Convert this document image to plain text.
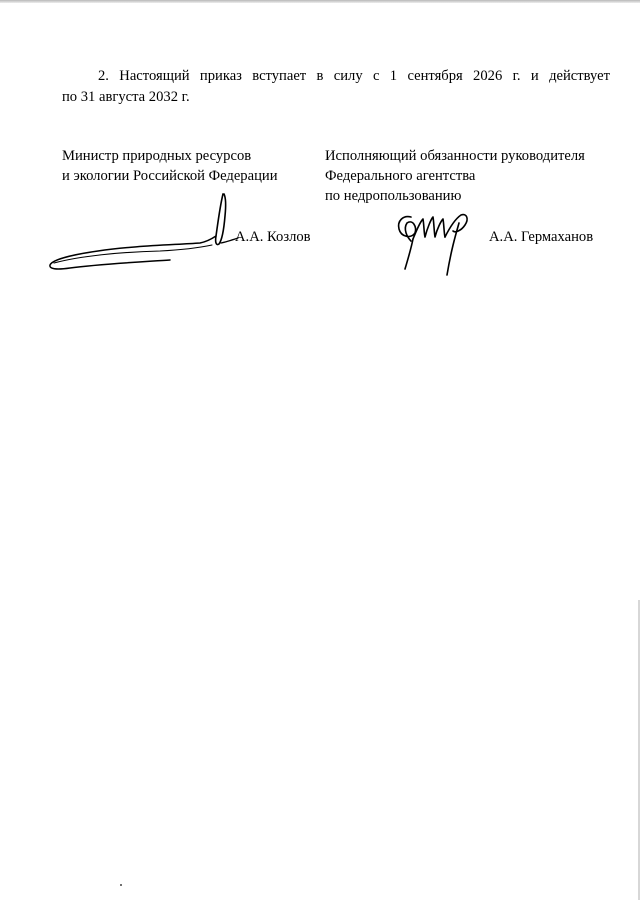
2. Настоящий приказ вступает в силу с 1 сентября 2026 г. и действует

по 31 августа 2032 г.

Министр природных ресурсов
и экологии Российской Федерации
Исполняющий обязанности руководителя
Федерального агентства
по недропользованию
А.А. Козлов	А.А. Гермаханов
